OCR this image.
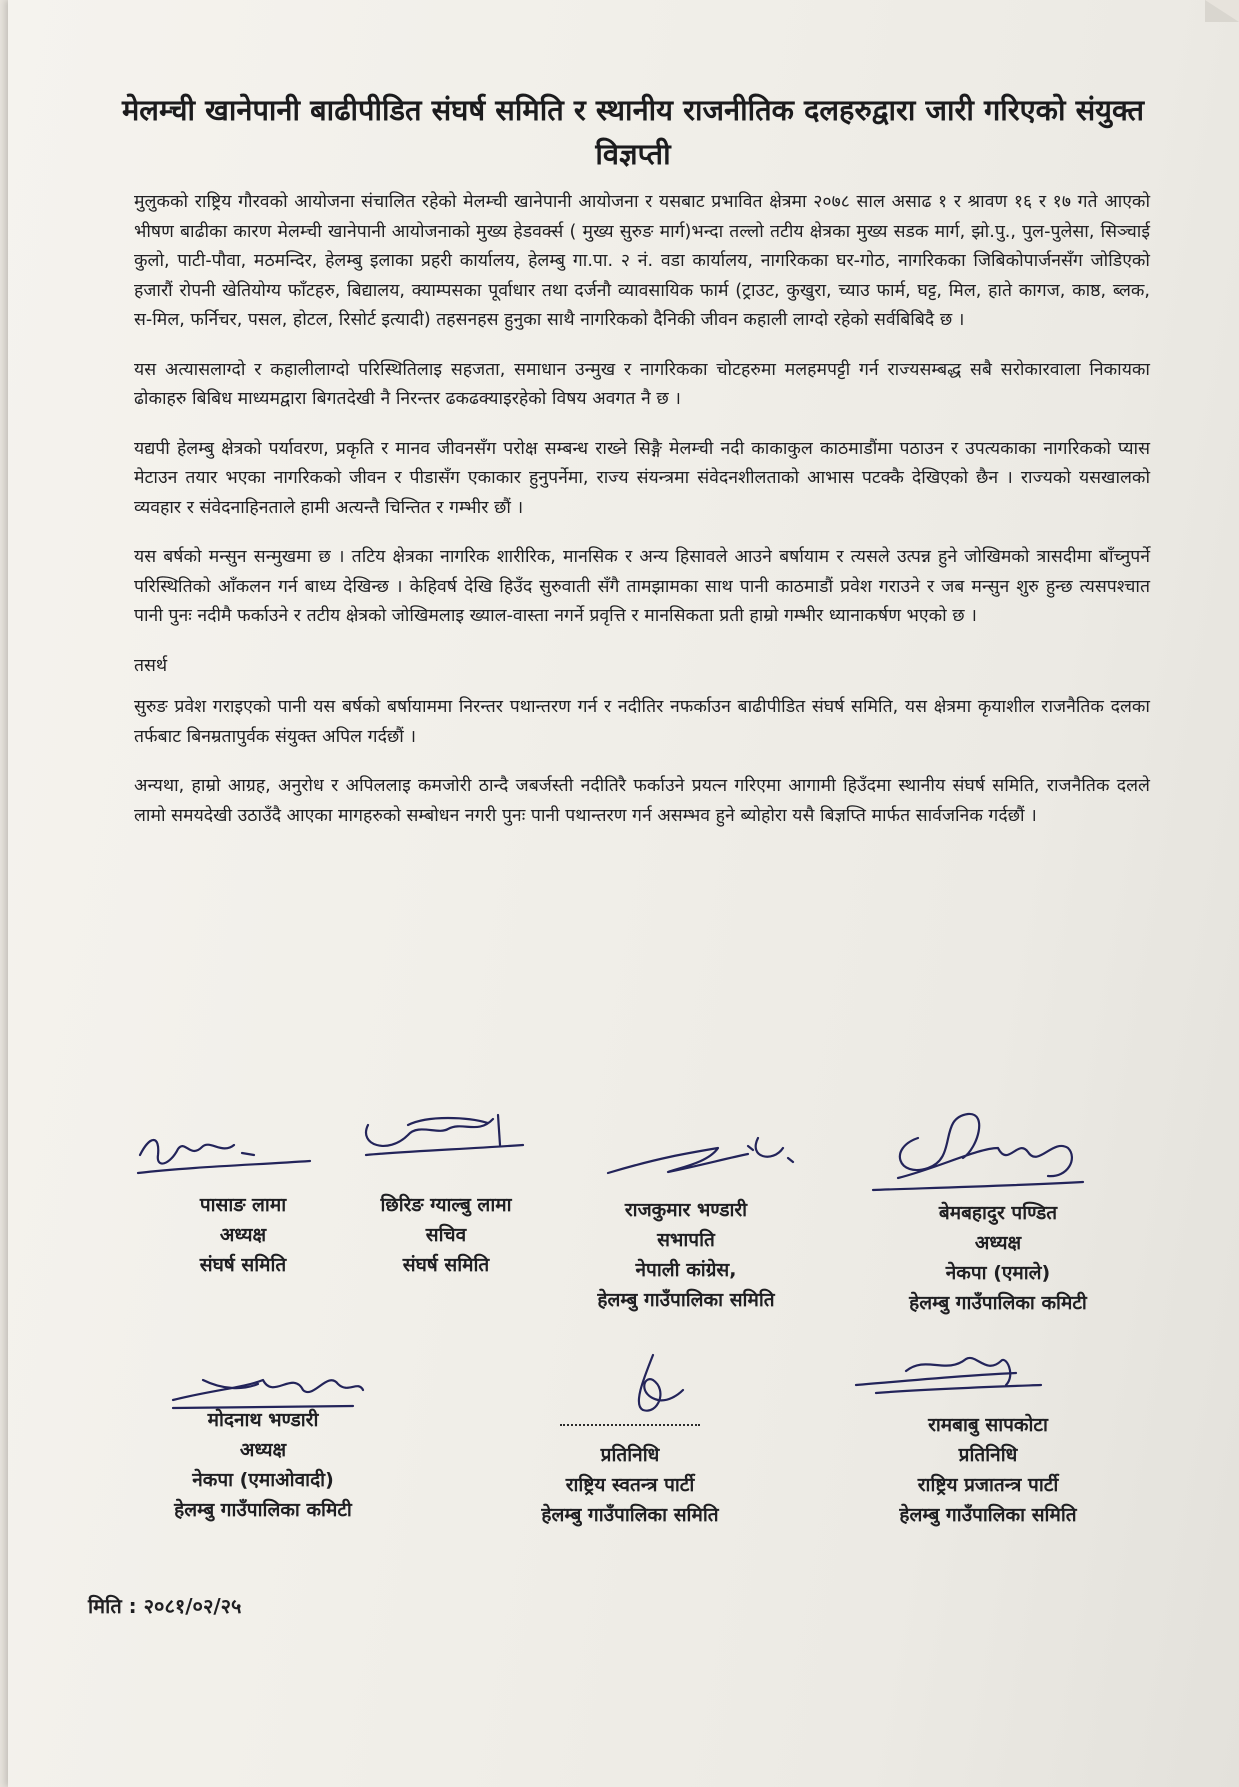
मेलम्ची खानेपानी बाढीपीडित संघर्ष समिति र स्थानीय राजनीतिक दलहरुद्वारा जारी गरिएको संयुक्त विज्ञप्ती

मुलुकको राष्ट्रिय गौरवको आयोजना संचालित रहेको मेलम्ची खानेपानी आयोजना र यसबाट प्रभावित क्षेत्रमा २०७८ साल असाढ १ र श्रावण १६ र १७ गते आएको भीषण बाढीका कारण मेलम्ची खानेपानी आयोजनाको मुख्य हेडवर्क्स ( मुख्य सुरुङ मार्ग)भन्दा तल्लो तटीय क्षेत्रका मुख्य सडक मार्ग, झो.पु., पुल-पुलेसा, सिञ्चाई कुलो, पाटी-पौवा, मठमन्दिर, हेलम्बु इलाका प्रहरी कार्यालय, हेलम्बु गा.पा. २ नं. वडा कार्यालय, नागरिकका घर-गोठ, नागरिकका जिबिकोपार्जनसँग जोडिएको हजारौं रोपनी खेतियोग्य फाँटहरु, बिद्यालय, क्याम्पसका पूर्वाधार तथा दर्जनौ व्यावसायिक फार्म (ट्राउट, कुखुरा, च्याउ फार्म, घट्ट, मिल, हाते कागज, काष्ठ, ब्लक, स-मिल, फर्निचर, पसल, होटल, रिसोर्ट इत्यादी) तहसनहस हुनुका साथै नागरिकको दैनिकी जीवन कहाली लाग्दो रहेको सर्वबिबिदै छ ।

यस अत्यासलाग्दो र कहालीलाग्दो परिस्थितिलाइ सहजता, समाधान उन्मुख र नागरिकका चोटहरुमा मलहमपट्टी गर्न राज्यसम्बद्ध सबै सरोकारवाला निकायका ढोकाहरु बिबिध माध्यमद्वारा बिगतदेखी नै निरन्तर ढकढक्याइरहेको विषय अवगत नै छ ।

यद्यपी हेलम्बु क्षेत्रको पर्यावरण, प्रकृति र मानव जीवनसँग परोक्ष सम्बन्ध राख्ने सिङ्गै मेलम्ची नदी काकाकुल काठमाडौंमा पठाउन र उपत्यकाका नागरिकको प्यास मेटाउन तयार भएका नागरिकको जीवन र पीडासँग एकाकार हुनुपर्नेमा, राज्य संयन्त्रमा संवेदनशीलताको आभास पटक्कै देखिएको छैन । राज्यको यसखालको व्यवहार र संवेदनाहिनताले हामी अत्यन्तै चिन्तित र गम्भीर छौं ।

यस बर्षको मन्सुन सन्मुखमा छ । तटिय क्षेत्रका नागरिक शारीरिक, मानसिक र अन्य हिसावले आउने बर्षायाम र त्यसले उत्पन्न हुने जोखिमको त्रासदीमा बाँच्नुपर्ने परिस्थितिको आँकलन गर्न बाध्य देखिन्छ । केहिवर्ष देखि हिउँद सुरुवाती सँगै तामझामका साथ पानी काठमाडौं प्रवेश गराउने र जब मन्सुन शुरु हुन्छ त्यसपश्चात पानी पुनः नदीमै फर्काउने र तटीय क्षेत्रको जोखिमलाइ ख्याल-वास्ता नगर्ने प्रवृत्ति र मानसिकता प्रती हाम्रो गम्भीर ध्यानाकर्षण भएको छ ।

तसर्थ

सुरुङ प्रवेश गराइएको पानी यस बर्षको बर्षायाममा निरन्तर पथान्तरण गर्न र नदीतिर नफर्काउन बाढीपीडित संघर्ष समिति, यस क्षेत्रमा कृयाशील राजनैतिक दलका तर्फबाट बिनम्रतापुर्वक संयुक्त अपिल गर्दछौं ।

अन्यथा, हाम्रो आग्रह, अनुरोध र अपिललाइ कमजोरी ठान्दै जबर्जस्ती नदीतिरै फर्काउने प्रयत्न गरिएमा आगामी हिउँदमा स्थानीय संघर्ष समिति, राजनैतिक दलले लामो समयदेखी उठाउँदै आएका मागहरुको सम्बोधन नगरी पुनः पानी पथान्तरण गर्न असम्भव हुने ब्योहोरा यसै बिज्ञप्ति मार्फत सार्वजनिक गर्दछौं ।

पासाङ लामा
अध्यक्ष
संघर्ष समिति
छिरिङ ग्याल्बु लामा
सचिव
संघर्ष समिति
राजकुमार भण्डारी
सभापति
नेपाली कांग्रेस,
हेलम्बु गाउँपालिका समिति
बेमबहादुर पण्डित
अध्यक्ष
नेकपा (एमाले)
हेलम्बु गाउँपालिका कमिटी
मोदनाथ भण्डारी
अध्यक्ष
नेकपा (एमाओवादी)
हेलम्बु गाउँपालिका कमिटी
प्रतिनिधि
राष्ट्रिय स्वतन्त्र पार्टी
हेलम्बु गाउँपालिका समिति
रामबाबु सापकोटा
प्रतिनिधि
राष्ट्रिय प्रजातन्त्र पार्टी
हेलम्बु गाउँपालिका समिति
मिति : २०८१/०२/२५
